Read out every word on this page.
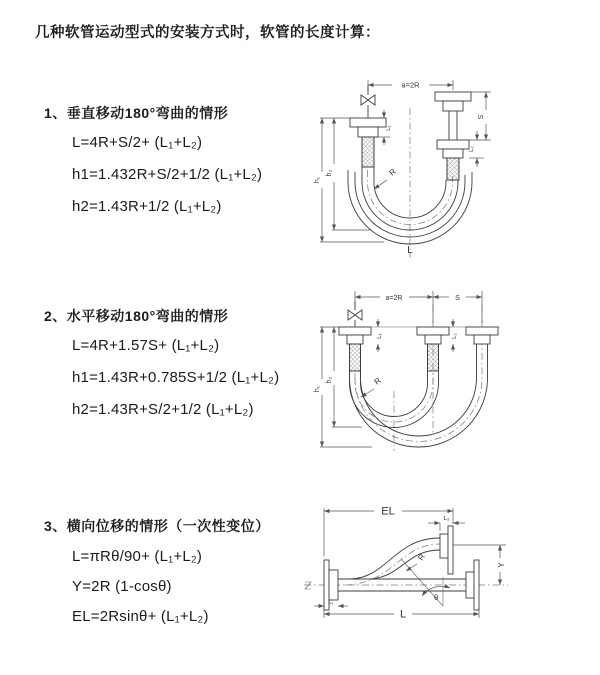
几种软管运动型式的安装方式时，软管的长度计算：
1、垂直移动180°弯曲的情形
L=4R+S/2+ (L₁+L₂)
h1=1.432R+S/2+1/2 (L₁+L₂)
h2=1.43R+1/2 (L₁+L₂)
2、水平移动180°弯曲的情形
L=4R+1.57S+ (L₁+L₂)
h1=1.43R+0.785S+1/2 (L₁+L₂)
h2=1.43R+S/2+1/2 (L₁+L₂)
3、横向位移的情形（一次性变位）
L=πRθ/90+ (L₁+L₂)
Y=2R (1-cosθ)
EL=2Rsinθ+ (L₁+L₂)
a=2R
h₁
h₂
L₁
S
L₂
R
L
a=2R	S
h₁
h₂
L₁	L₂
R
EL
L₂
Y
R
θ
L
L₁
